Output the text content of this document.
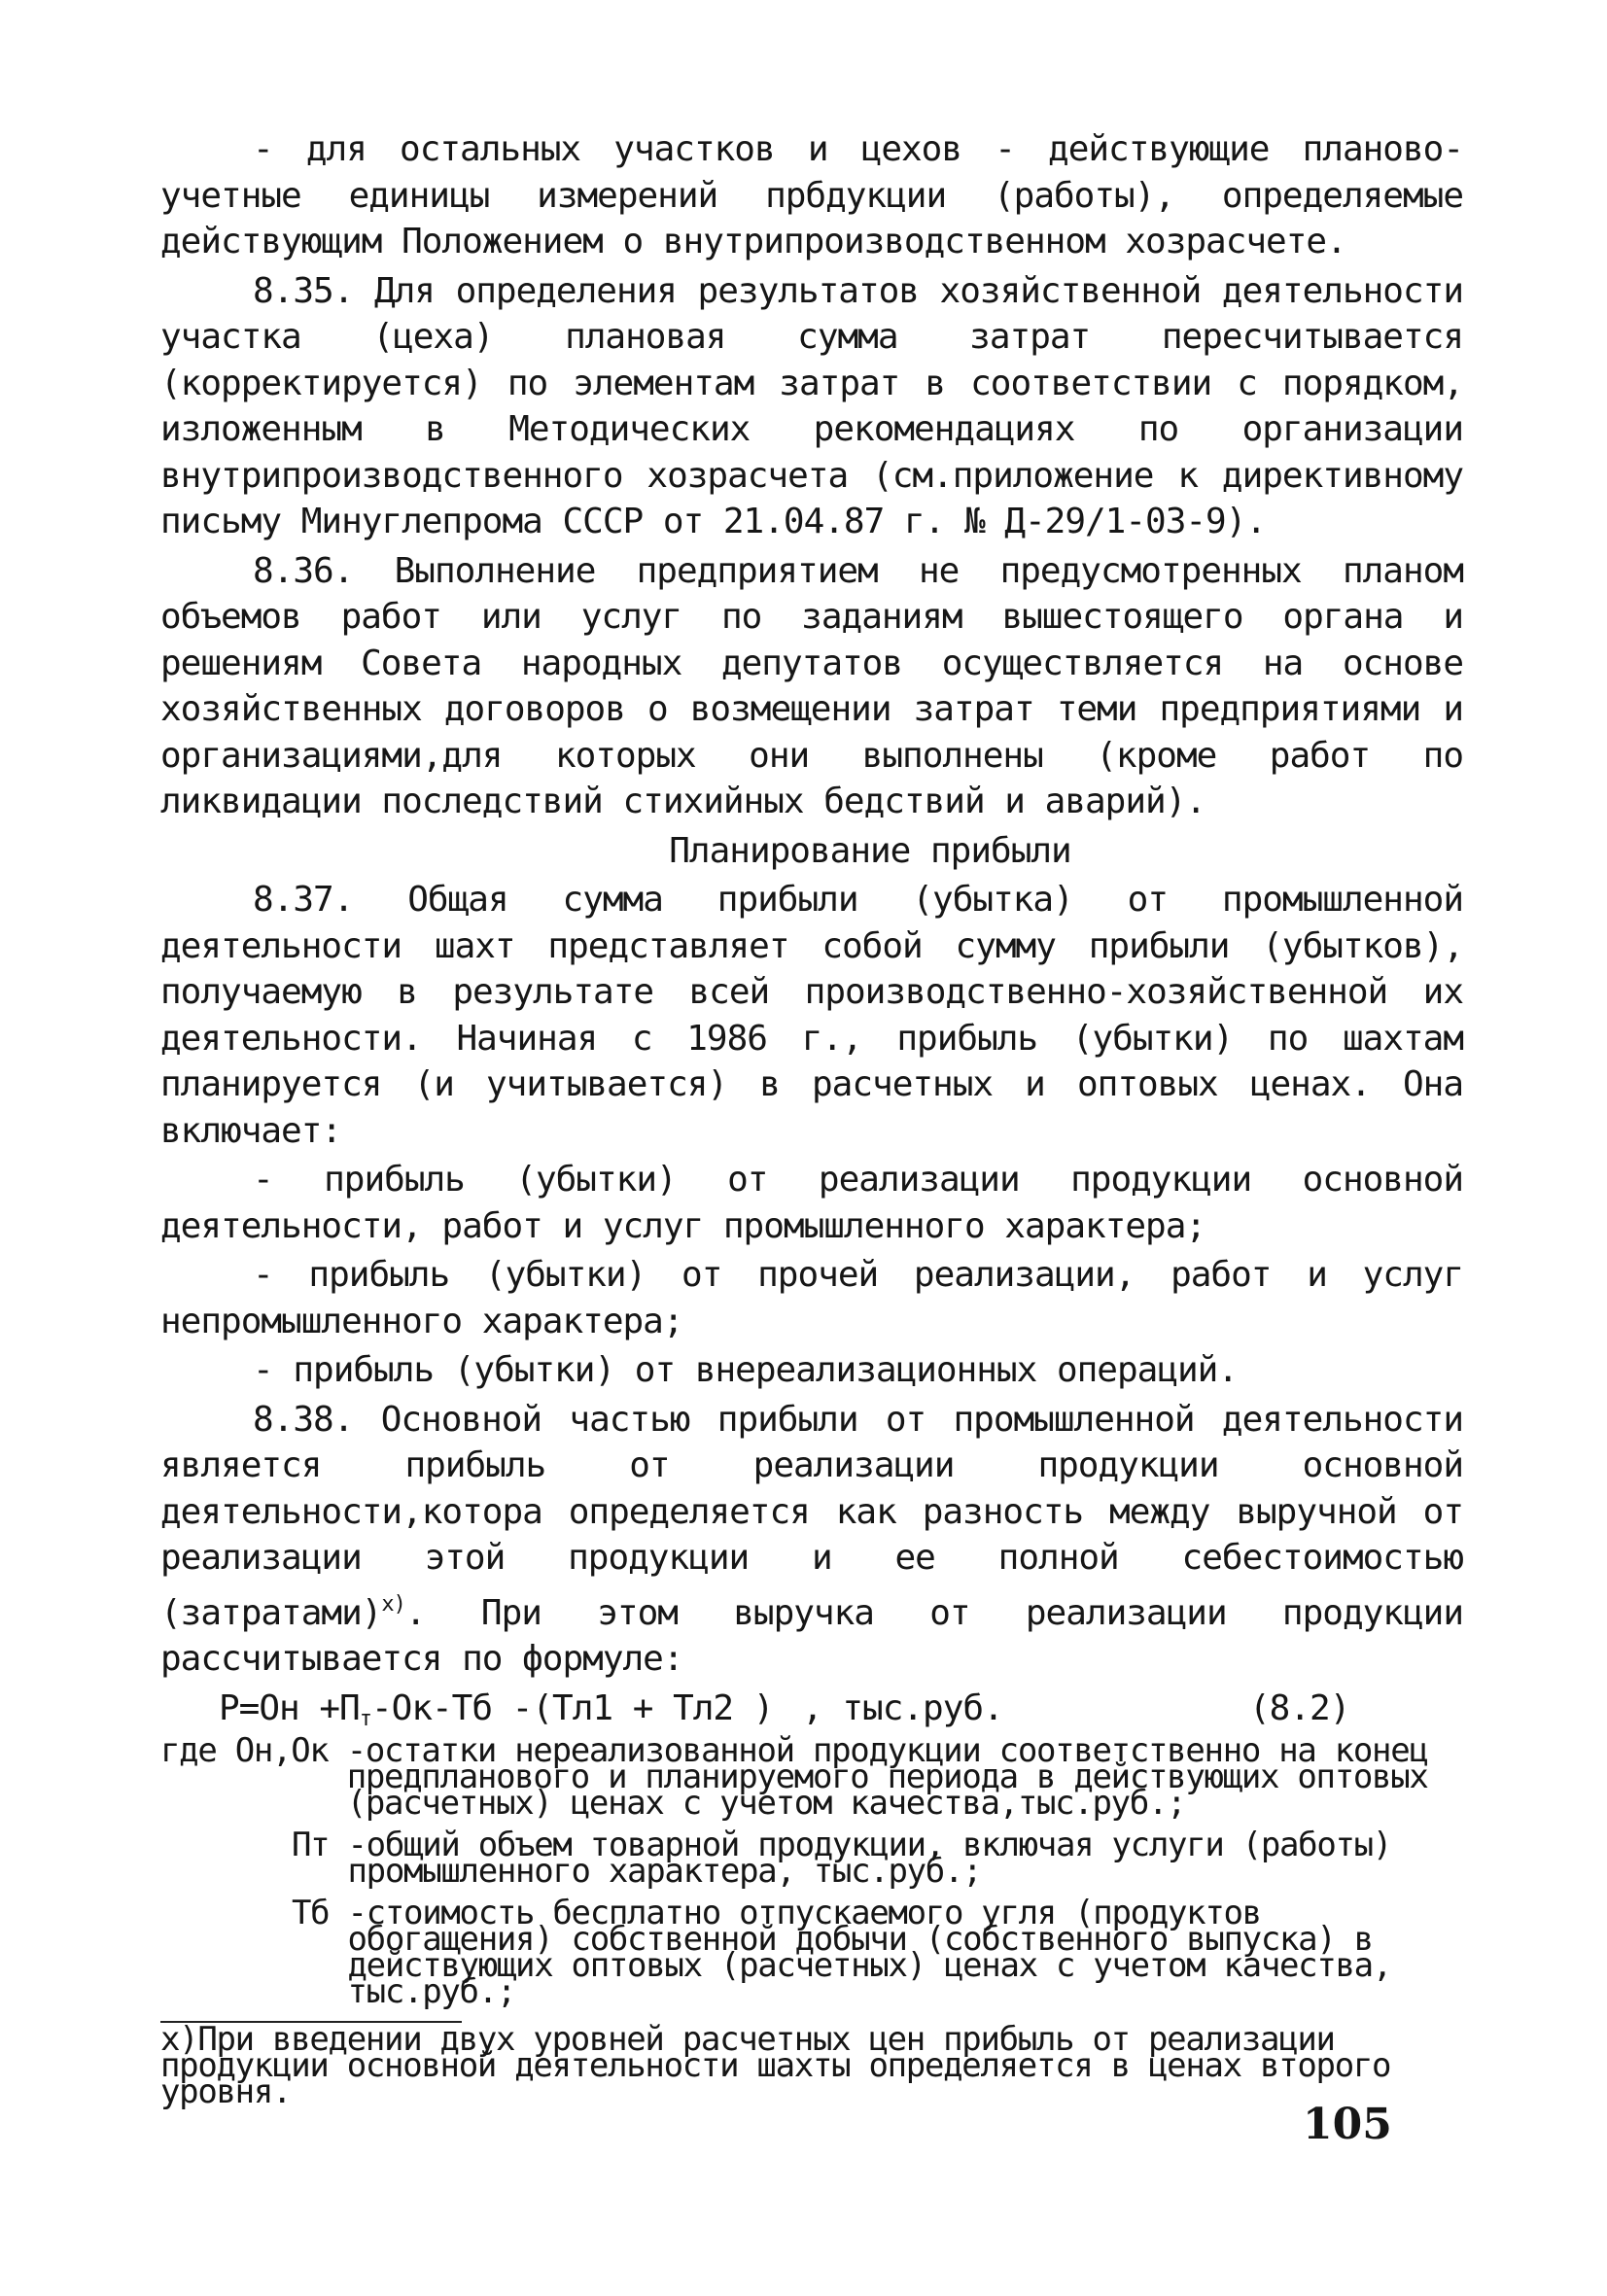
- для остальных участков и цехов - действующие планово-учетные единицы измерений прбдукции (работы), определяемые действующим Положением о внутрипроизводственном хозрасчете.

8.35. Для определения результатов хозяйственной деятельности участка (цеха) плановая сумма затрат пересчитывается (корректируется) по элементам затрат в соответствии с порядком, изложенным в Методических рекомендациях по организации внутрипроизводственного хозрасчета (см.приложение к директивному письму Минуглепрома СССР от 21.04.87 г. № Д-29/1-03-9).

8.36. Выполнение предприятием не предусмотренных планом объемов работ или услуг по заданиям вышестоящего органа и решениям Совета народных депутатов осуществляется на основе хозяйственных договоров о возмещении затрат теми предприятиями и организациями,для которых они выполнены (кроме работ по ликвидации последствий стихийных бедствий и аварий).

Планирование прибыли

8.37. Общая сумма прибыли (убытка) от промышленной деятельности шахт представляет собой сумму прибыли (убытков), получаемую в результате всей производственно-хозяйственной их деятельности. Начиная с 1986 г., прибыль (убытки) по шахтам планируется (и учитывается) в расчетных и оптовых ценах. Она включает:

- прибыль (убытки) от реализации продукции основной деятельности, работ и услуг промышленного характера;

- прибыль (убытки) от прочей реализации, работ и услуг непромышленного характера;

- прибыль (убытки) от внереализационных операций.

8.38. Основной частью прибыли от промышленной деятельности является прибыль от реализации продукции основной деятельности,котора определяется как разность между выручной от реализации этой продукции и ее полной себестоимостью (затратами)$^{х)}$. При этом выручка от реализации продукции рассчитывается по формуле:

$Р=Он +П_т-Ок-Тб$ -(Тл1 + Тл2 ) , тыс.руб.	(8.2)
где
Он,Ок
-остатки нереализованной продукции соответственно на конец предпланового и планируемого периода в действующих оптовых (расчетных) ценах с учетом качества,тыс.руб.;
Пт
-общий объем товарной продукции, включая услуги (работы) промышленного характера, тыс.руб.;
Тб
-стоимость бесплатно отпускаемого угля (продуктов обогащения) собственной добычи (собственного выпуска) в действующих оптовых (расчетных) ценах с учетом качества, тыс.руб.;
х)При введении двух уровней расчетных цен прибыль от реализации продукции основной деятельности шахты определяется в ценах второго уровня.
105
